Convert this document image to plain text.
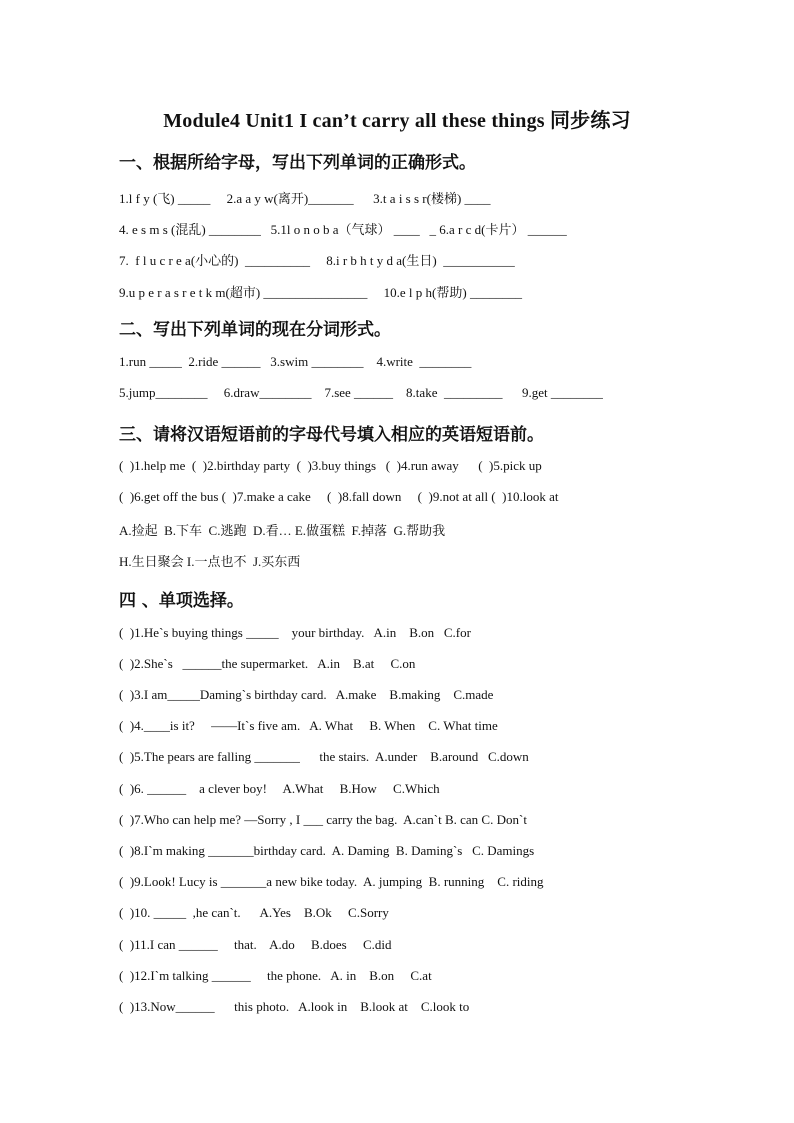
Module4 Unit1 I can’t carry all these things 同步练习
一、根据所给字母，写出下列单词的正确形式。
1.l f y (飞) _____     2.a a y w(离开)_______      3.t a i s s r(楼梯) ____
4. e s m s (混乱) ________   5.1l o n o b a（气球） ____   _ 6.a r c d(卡片） ______
7.  f l u c r e a(小心的)  __________     8.i r b h t y d a(生日)  ___________
9.u p e r a s r e t k m(超市) ________________     10.e l p h(帮助) ________
二、写出下列单词的现在分词形式。
1.run _____  2.ride ______   3.swim ________    4.write  ________
5.jump________     6.draw________    7.see ______    8.take  _________      9.get ________
三、请将汉语短语前的字母代号填入相应的英语短语前。
(  )1.help me  (  )2.birthday party  (  )3.buy things   (  )4.run away      (  )5.pick up
(  )6.get off the bus (  )7.make a cake     (  )8.fall down     (  )9.not at all (  )10.look at
A.捡起  B.下车  C.逃跑  D.看… E.做蛋糕  F.掉落  G.帮助我
H.生日聚会 I.一点也不  J.买东西
四 、单项选择。
(  )1.He`s buying things _____    your birthday.   A.in    B.on   C.for
(  )2.She`s   ______the supermarket.   A.in    B.at     C.on
(  )3.I am_____Daming`s birthday card.   A.make    B.making    C.made
(  )4.____is it?     ——It`s five am.   A. What     B. When    C. What time
(  )5.The pears are falling _______      the stairs.  A.under    B.around   C.down
(  )6. ______    a clever boy!     A.What     B.How     C.Which
(  )7.Who can help me? —Sorry , I ___ carry the bag.  A.can`t B. can C. Don`t
(  )8.I`m making _______birthday card.  A. Daming  B. Daming`s   C. Damings
(  )9.Look! Lucy is _______a new bike today.  A. jumping  B. running    C. riding
(  )10. _____  ,he can`t.      A.Yes    B.Ok     C.Sorry
(  )11.I can ______     that.    A.do     B.does     C.did
(  )12.I`m talking ______     the phone.   A. in    B.on     C.at
(  )13.Now______      this photo.   A.look in    B.look at    C.look to
